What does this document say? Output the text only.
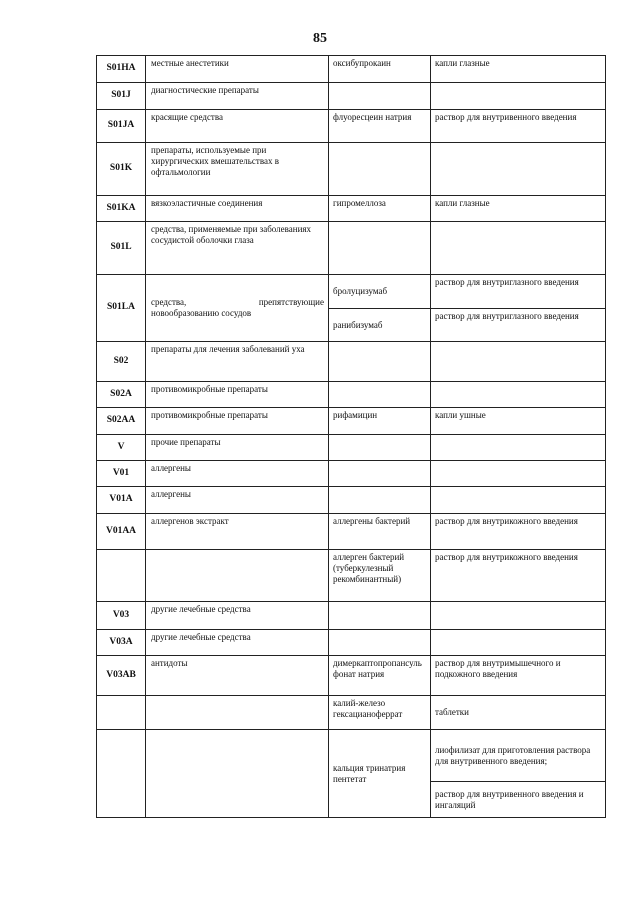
85
S01HA	местные анестетики	оксибупрокаин	капли глазные
S01J	диагностические препараты		
S01JA	красящие средства	флуоресцеин натрия	раствор для внутривенного введения
S01K	препараты, используемые при хирургических вмешательствах в офтальмологии		
S01KA	вязкоэластичные соединения	гипромеллоза	капли глазные
S01L	средства, применяемые при заболеваниях сосудистой оболочки глаза		
S01LA	средства, препятствующие
новообразованию сосудов	бролуцизумаб	раствор для внутриглазного введения
		ранибизумаб	раствор для внутриглазного введения
S02	препараты для лечения заболеваний уха		
S02A	противомикробные препараты		
S02AA	противомикробные препараты	рифамицин	капли ушные
V	прочие препараты		
V01	аллергены		
V01A	аллергены		
V01AA	аллергенов экстракт	аллергены бактерий	раствор для внутрикожного введения
		аллерген бактерий (туберкулезный рекомбинантный)	раствор для внутрикожного введения
V03	другие лечебные средства		
V03A	другие лечебные средства		
V03AB	антидоты	димеркаптопропансульфонат натрия	раствор для внутримышечного и подкожного введения
		калий-железо гексацианоферрат	таблетки
		кальция тринатрия пентетат	лиофилизат для приготовления раствора для внутривенного введения;
			раствор для внутривенного введения и ингаляций
